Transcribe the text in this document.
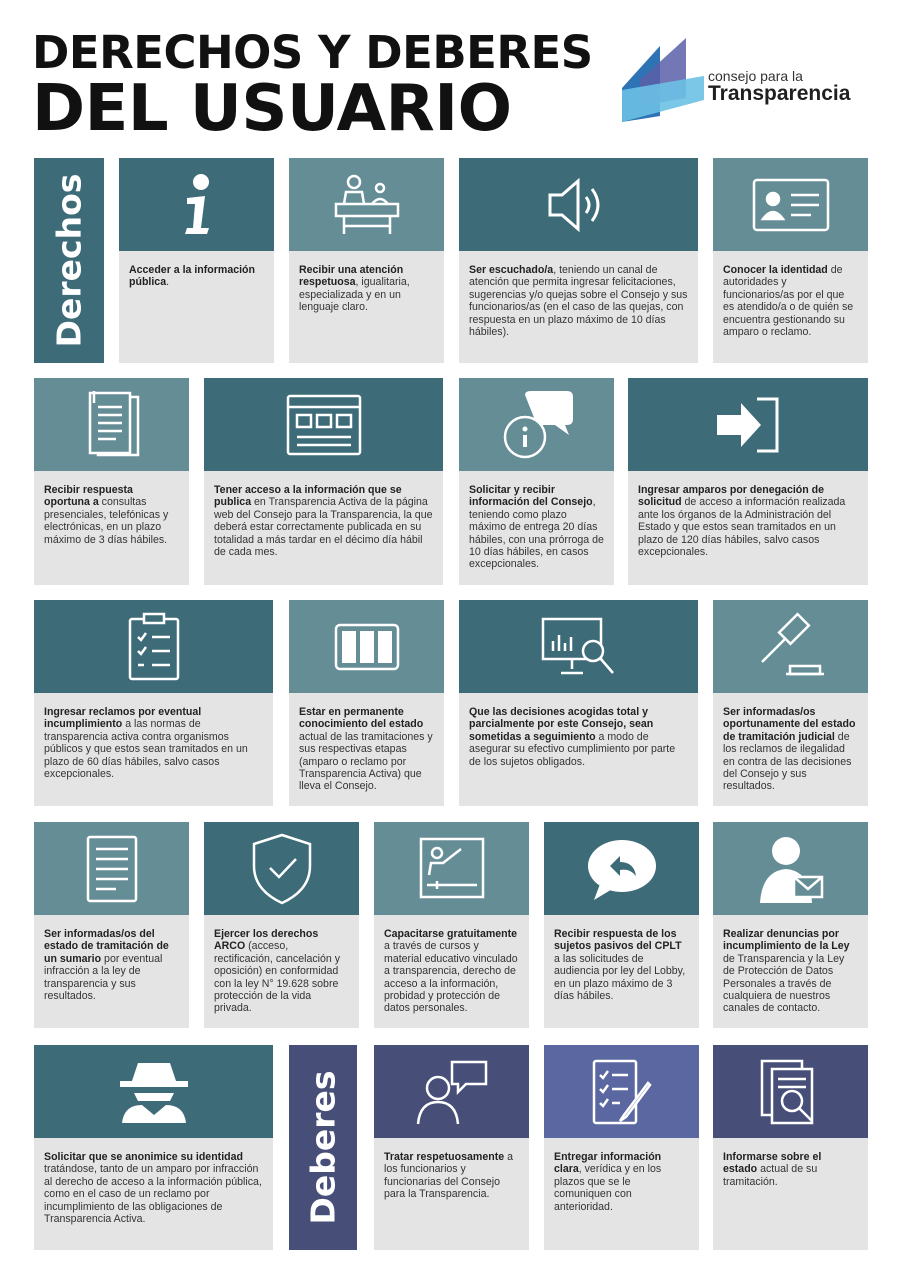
DERECHOS Y DEBERES
DEL USUARIO	consejo para la
Transparencia
Derechos
Deberes
Acceder a la información pública.
Recibir una atención respetuosa, igualitaria, especializada y en un lenguaje claro.
Ser escuchado/a, teniendo un canal de atención que permita ingresar felicitaciones, sugerencias y/o quejas sobre el Consejo y sus funcionarios/as (en el caso de las quejas, con respuesta en un plazo máximo de 10 días hábiles).
Conocer la identidad de autoridades y funcionarios/as por el que es atendido/a o de quién se encuentra gestionando su amparo o reclamo.
Recibir respuesta oportuna a consultas presenciales, telefónicas y electrónicas, en un plazo máximo de 3 días hábiles.
Tener acceso a la información que se publica en Transparencia Activa de la página web del Consejo para la Transparencia, la que deberá estar correctamente publicada en su totalidad a más tardar en el décimo día hábil de cada mes.
Solicitar y recibir información del Consejo, teniendo como plazo máximo de entrega 20 días hábiles, con una prórroga de 10 días hábiles, en casos excepcionales.
Ingresar amparos por denegación de solicitud de acceso a información realizada ante los órganos de la Administración del Estado y que estos sean tramitados en un plazo de 120 días hábiles, salvo casos excepcionales.
Ingresar reclamos por eventual incumplimiento a las normas de transparencia activa contra organismos públicos y que estos sean tramitados en un plazo de 60 días hábiles, salvo casos excepcionales.
Estar en permanente conocimiento del estado actual de las tramitaciones y sus respectivas etapas (amparo o reclamo por Transparencia Activa) que lleva el Consejo.
Que las decisiones acogidas total y parcialmente por este Consejo, sean sometidas a seguimiento a modo de asegurar su efectivo cumplimiento por parte de los sujetos obligados.
Ser informadas/os oportunamente del estado de tramitación judicial de los reclamos de ilegalidad en contra de las decisiones del Consejo y sus resultados.
Ser informadas/os del estado de tramitación de un sumario por eventual infracción a la ley de transparencia y sus resultados.
Ejercer los derechos ARCO (acceso, rectificación, cancelación y oposición) en conformidad con la ley N° 19.628 sobre protección de la vida privada.
Capacitarse gratuitamente a través de cursos y material educativo vinculado a transparencia, derecho de acceso a la información, probidad y protección de datos personales.
Recibir respuesta de los sujetos pasivos del CPLT a las solicitudes de audiencia por ley del Lobby, en un plazo máximo de 3 días hábiles.
Realizar denuncias por incumplimiento de la Ley de Transparencia y la Ley de Protección de Datos Personales a través de cualquiera de nuestros canales de contacto.
Solicitar que se anonimice su identidad tratándose, tanto de un amparo por infracción al derecho de acceso a la información pública, como en el caso de un reclamo por incumplimiento de las obligaciones de Transparencia Activa.
Tratar respetuosamente a los funcionarios y funcionarias del Consejo para la Transparencia.
Entregar información clara, verídica y en los plazos que se le comuniquen con anterioridad.
Informarse sobre el estado actual de su tramitación.
